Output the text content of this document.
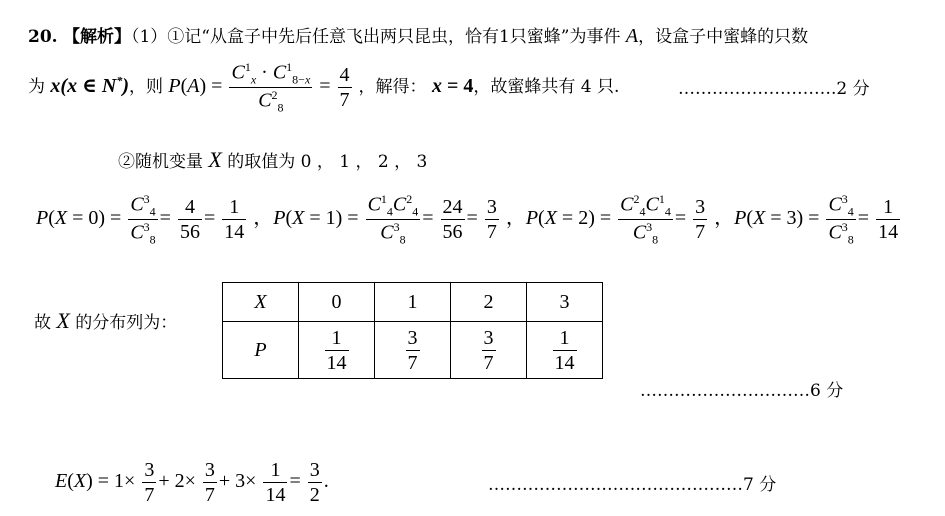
20. 【解析】（1）①记“从盒子中先后任意飞出两只昆虫，恰有1只蜜蜂”为事件 A，设盒子中蜜蜂的只数
为 x(x ∈ N*)，则 $P(A) = \frac{C^1_x \cdot C^1_{8-x}}{C^2_8} = \frac{4}{7}$ ，解得： x = 4，故蜜蜂共有 4 只.	……………………….2 分
②随机变量 X 的取值为 0 ， 1 ， 2 ， 3
$P(X = 0) = \frac{C^3_4}{C^3_8} = \frac{4}{56} = \frac{1}{14}$ ，$P(X = 1) = \frac{C^1_4C^2_4}{C^3_8} = \frac{24}{56} = \frac{3}{7}$ ，$P(X = 2) = \frac{C^2_4C^1_4}{C^3_8} = \frac{3}{7}$ ，$P(X = 3) = \frac{C^3_4}{C^3_8} = \frac{1}{14}$
故 X 的分布列为：
X	0	1	2	3
P	$\frac{1}{14}$	$\frac{3}{7}$	$\frac{3}{7}$	$\frac{1}{14}$
…………………………6 分
$E(X) = 1\times \frac{3}{7} + 2\times \frac{3}{7} + 3\times \frac{1}{14} = \frac{3}{2}$ .	………………………………………7 分
